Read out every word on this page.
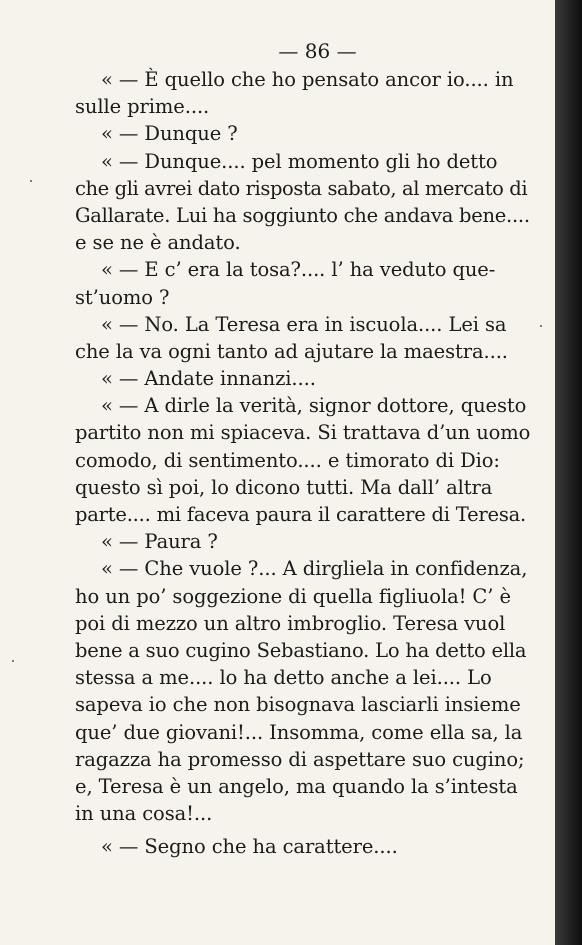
— 86 —
« — È quello che ho pensato ancor io.... in
sulle prime....
« — Dunque ?
« — Dunque.... pel momento gli ho detto
che gli avrei dato risposta sabato, al mercato di
Gallarate. Lui ha soggiunto che andava bene....
e se ne è andato.
« — E c’ era la tosa?.... l’ ha veduto que-
st’uomo ?
« — No. La Teresa era in iscuola.... Lei sa
che la va ogni tanto ad ajutare la maestra....
« — Andate innanzi....
« — A dirle la verità, signor dottore, questo
partito non mi spiaceva. Si trattava d’un uomo
comodo, di sentimento.... e timorato di Dio:
questo sì poi, lo dicono tutti. Ma dall’ altra
parte.... mi faceva paura il carattere di Teresa.
« — Paura ?
« — Che vuole ?... A dirgliela in confidenza,
ho un po’ soggezione di quella figliuola! C’ è
poi di mezzo un altro imbroglio. Teresa vuol
bene a suo cugino Sebastiano. Lo ha detto ella
stessa a me.... lo ha detto anche a lei.... Lo
sapeva io che non bisognava lasciarli insieme
que’ due giovani!... Insomma, come ella sa, la
ragazza ha promesso di aspettare suo cugino;
e, Teresa è un angelo, ma quando la s’intesta
in una cosa!...
« — Segno che ha carattere....
